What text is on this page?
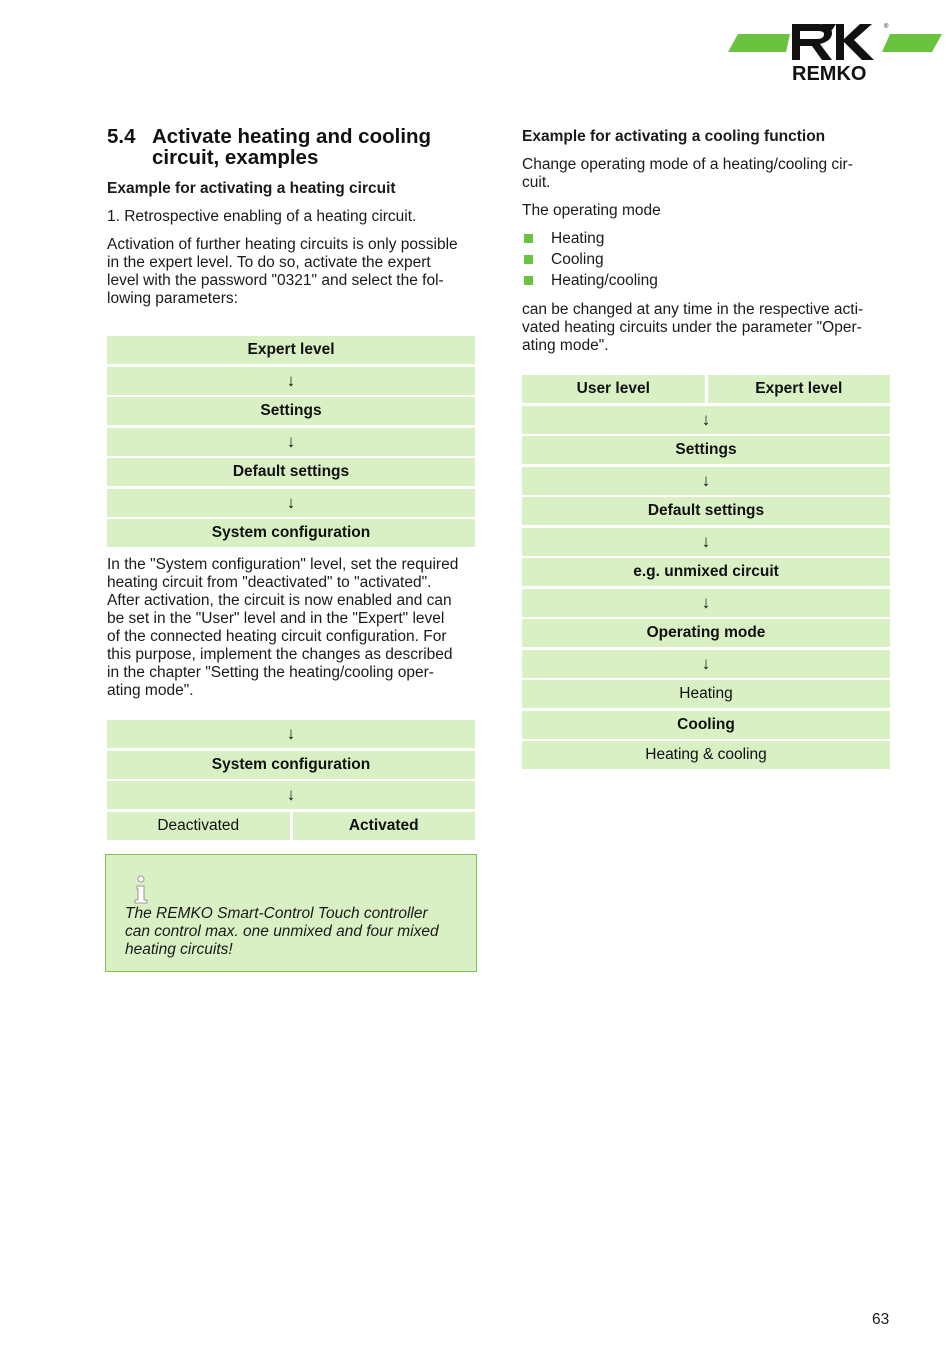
REMKO
®
5.4 Activate heating and cooling
circuit, examples
Example for activating a heating circuit

1. Retrospective enabling of a heating circuit.

Activation of further heating circuits is only possible
in the expert level. To do so, activate the expert
level with the password "0321" and select the fol-
lowing parameters:

Expert level
↓
Settings
↓
Default settings
↓
System configuration

In the "System configuration" level, set the required
heating circuit from "deactivated" to "activated".
After activation, the circuit is now enabled and can
be set in the "User" level and in the "Expert" level
of the connected heating circuit configuration. For
this purpose, implement the changes as described
in the chapter "Setting the heating/cooling oper-
ating mode".

↓
System configuration
↓
Deactivated	Activated
The REMKO Smart-Control Touch controller
can control max. one unmixed and four mixed
heating circuits!
Example for activating a cooling function

Change operating mode of a heating/cooling cir-
cuit.

The operating mode

Heating
Cooling
Heating/cooling

can be changed at any time in the respective acti-
vated heating circuits under the parameter "Oper-
ating mode".

User level	Expert level
↓
Settings
↓
Default settings
↓
e.g. unmixed circuit
↓
Operating mode
↓
Heating
Cooling
Heating & cooling
63
